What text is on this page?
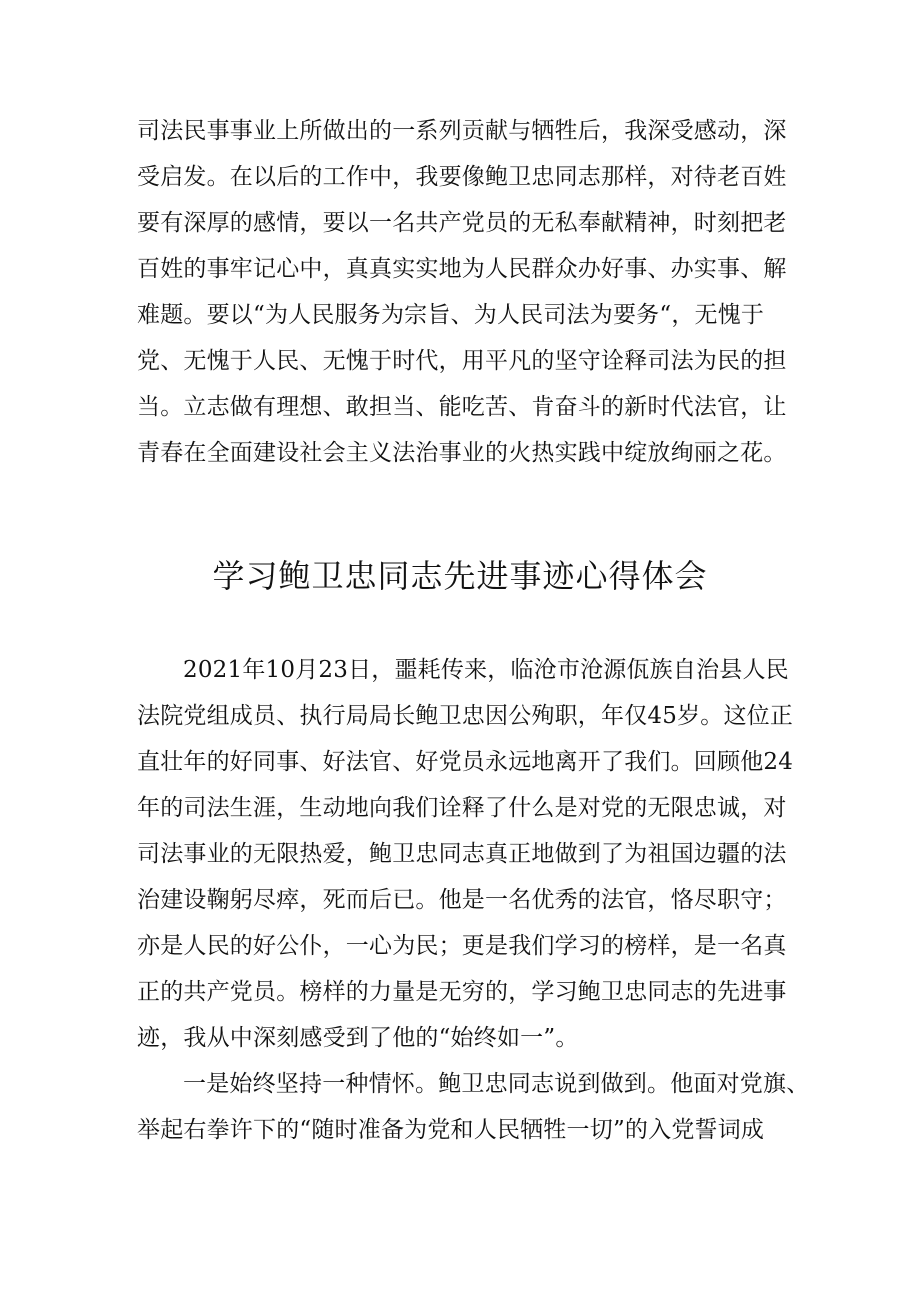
司法民事事业上所做出的一系列贡献与牺牲后，我深受感动，深
受启发。在以后的工作中，我要像鲍卫忠同志那样，对待老百姓
要有深厚的感情，要以一名共产党员的无私奉献精神，时刻把老
百姓的事牢记心中，真真实实地为人民群众办好事、办实事、解
难题。要以“为人民服务为宗旨、为人民司法为要务“，无愧于
党、无愧于人民、无愧于时代，用平凡的坚守诠释司法为民的担
当。立志做有理想、敢担当、能吃苦、肯奋斗的新时代法官，让
青春在全面建设社会主义法治事业的火热实践中绽放绚丽之花。
学习鲍卫忠同志先进事迹心得体会
2021年10月23日，噩耗传来，临沧市沧源佤族自治县人民
法院党组成员、执行局局长鲍卫忠因公殉职，年仅45岁。这位正
直壮年的好同事、好法官、好党员永远地离开了我们。回顾他24
年的司法生涯，生动地向我们诠释了什么是对党的无限忠诚，对
司法事业的无限热爱，鲍卫忠同志真正地做到了为祖国边疆的法
治建设鞠躬尽瘁，死而后已。他是一名优秀的法官，恪尽职守；
亦是人民的好公仆，一心为民；更是我们学习的榜样，是一名真
正的共产党员。榜样的力量是无穷的，学习鲍卫忠同志的先进事
迹，我从中深刻感受到了他的“始终如一”。
一是始终坚持一种情怀。鲍卫忠同志说到做到。他面对党旗、
举起右拳许下的“随时准备为党和人民牺牲一切”的入党誓词成
